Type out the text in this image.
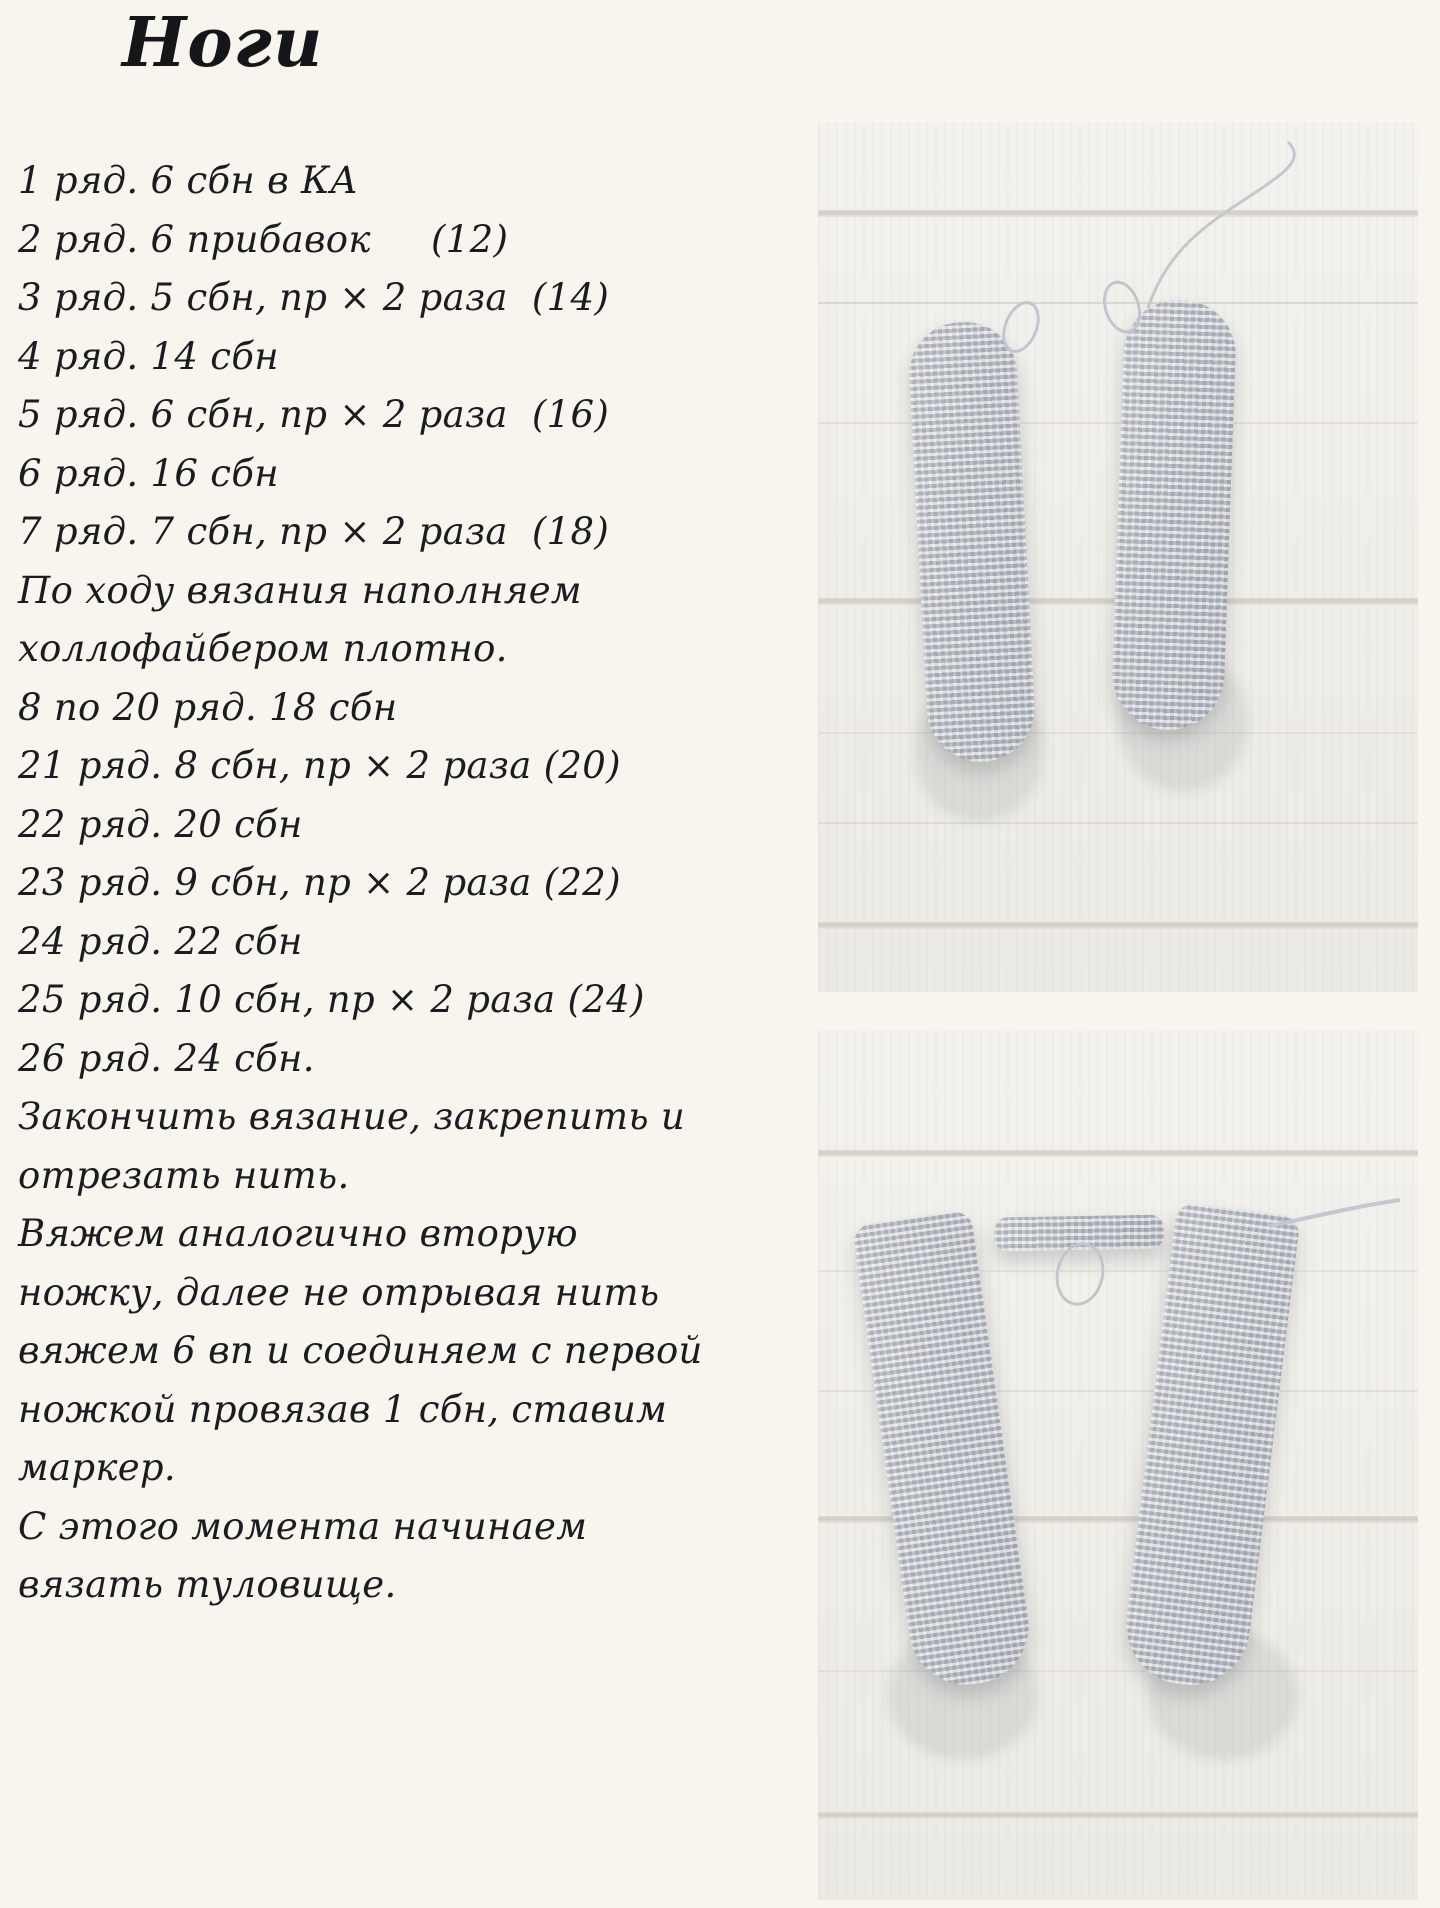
Ноги
1 ряд. 6 сбн в КА
2 ряд. 6 прибавок     (12)
3 ряд. 5 сбн, пр × 2 раза  (14)
4 ряд. 14 сбн
5 ряд. 6 сбн, пр × 2 раза  (16)
6 ряд. 16 сбн
7 ряд. 7 сбн, пр × 2 раза  (18)
По ходу вязания наполняем
холлофайбером плотно.
8 по 20 ряд. 18 сбн
21 ряд. 8 сбн, пр × 2 раза (20)
22 ряд. 20 сбн
23 ряд. 9 сбн, пр × 2 раза (22)
24 ряд. 22 сбн
25 ряд. 10 сбн, пр × 2 раза (24)
26 ряд. 24 сбн.
Закончить вязание, закрепить и
отрезать нить.
Вяжем аналогично вторую
ножку, далее не отрывая нить
вяжем 6 вп и соединяем с первой
ножкой провязав 1 сбн, ставим
маркер.
С этого момента начинаем
вязать туловище.
